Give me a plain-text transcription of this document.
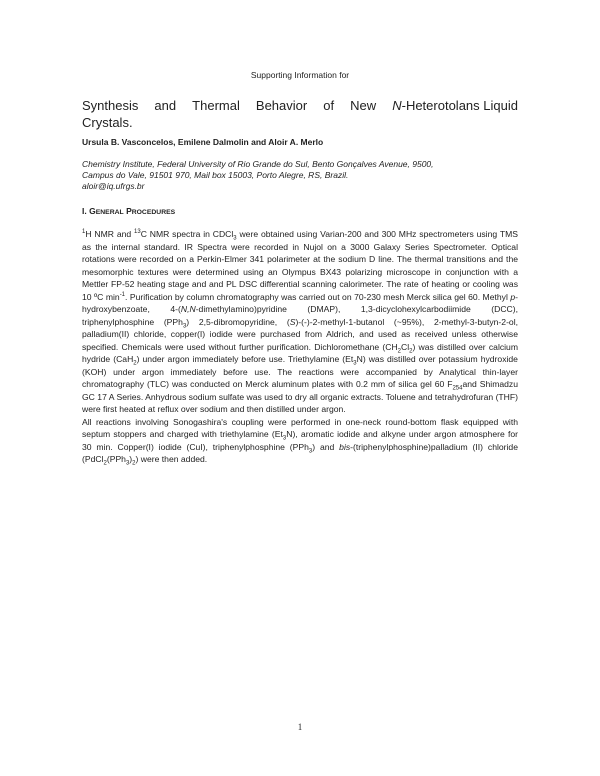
Supporting Information for
Synthesis and Thermal Behavior of New N-Heterotolans Liquid
Crystals.
Ursula B. Vasconcelos, Emilene Dalmolin and Aloir A. Merlo
Chemistry Institute, Federal University of Rio Grande do Sul, Bento Gonçalves Avenue, 9500,
Campus do Vale, 91501 970, Mail box 15003, Porto Alegre, RS, Brazil.
aloir@iq.ufrgs.br
I. GENERAL PROCEDURES

$^1$H NMR and $^{13}$C NMR spectra in CDCl$_3$ were obtained using Varian-200 and 300 MHz spectrometers using TMS as the internal standard. IR Spectra were recorded in Nujol on a 3000 Galaxy Series Spectrometer. Optical rotations were recorded on a Perkin-Elmer 341 polarimeter at the sodium D line. The thermal transitions and the mesomorphic textures were determined using an Olympus BX43 polarizing microscope in conjunction with a Mettler FP-52 heating stage and and PL DSC differential scanning calorimeter. The rate of heating or cooling was 10 ºC $\min^{-1}$. Purification by column chromatography was carried out on 70-230 mesh Merck silica gel 60. Methyl p-hydroxybenzoate, 4-(N,N-dimethylamino)pyridine (DMAP), 1,3-dicyclohexylcarbodiimide (DCC), triphenylphosphine (PPh$_3$) 2,5-dibromopyridine, (S)-(-)-2-methyl-1-butanol (~95%), 2-methyl-3-butyn-2-ol, palladium(II) chloride, copper(I) iodide were purchased from Aldrich, and used as received unless otherwise specified. Chemicals were used without further purification. Dichloromethane $(CH_2Cl_2)$ was distilled over calcium hydride (CaH$_2$) under argon immediately before use. Triethylamine $(Et_3N)$ was distilled over potassium hydroxide (KOH) under argon immediately before use. The reactions were accompanied by Analytical thin-layer chromatography (TLC) was conducted on Merck aluminum plates with 0.2 mm of silica gel 60 $F_{254}and$ Shimadzu GC 17 A Series. Anhydrous sodium sulfate was used to dry all organic extracts. Toluene and tetrahydrofuran (THF) were first heated at reflux over sodium and then distilled under argon.

All reactions involving Sonogashira's coupling were performed in one-neck round-bottom flask equipped with septum stoppers and charged with triethylamine $(Et_3N)$, aromatic iodide and alkyne under argon atmosphere for 30 min. Copper(I) iodide (CuI), triphenylphosphine (PPh$_3$) and bis-(triphenylphosphine)palladium (II) chloride $(PdCl_2(PPh_3)_2)$ were then added.

1
